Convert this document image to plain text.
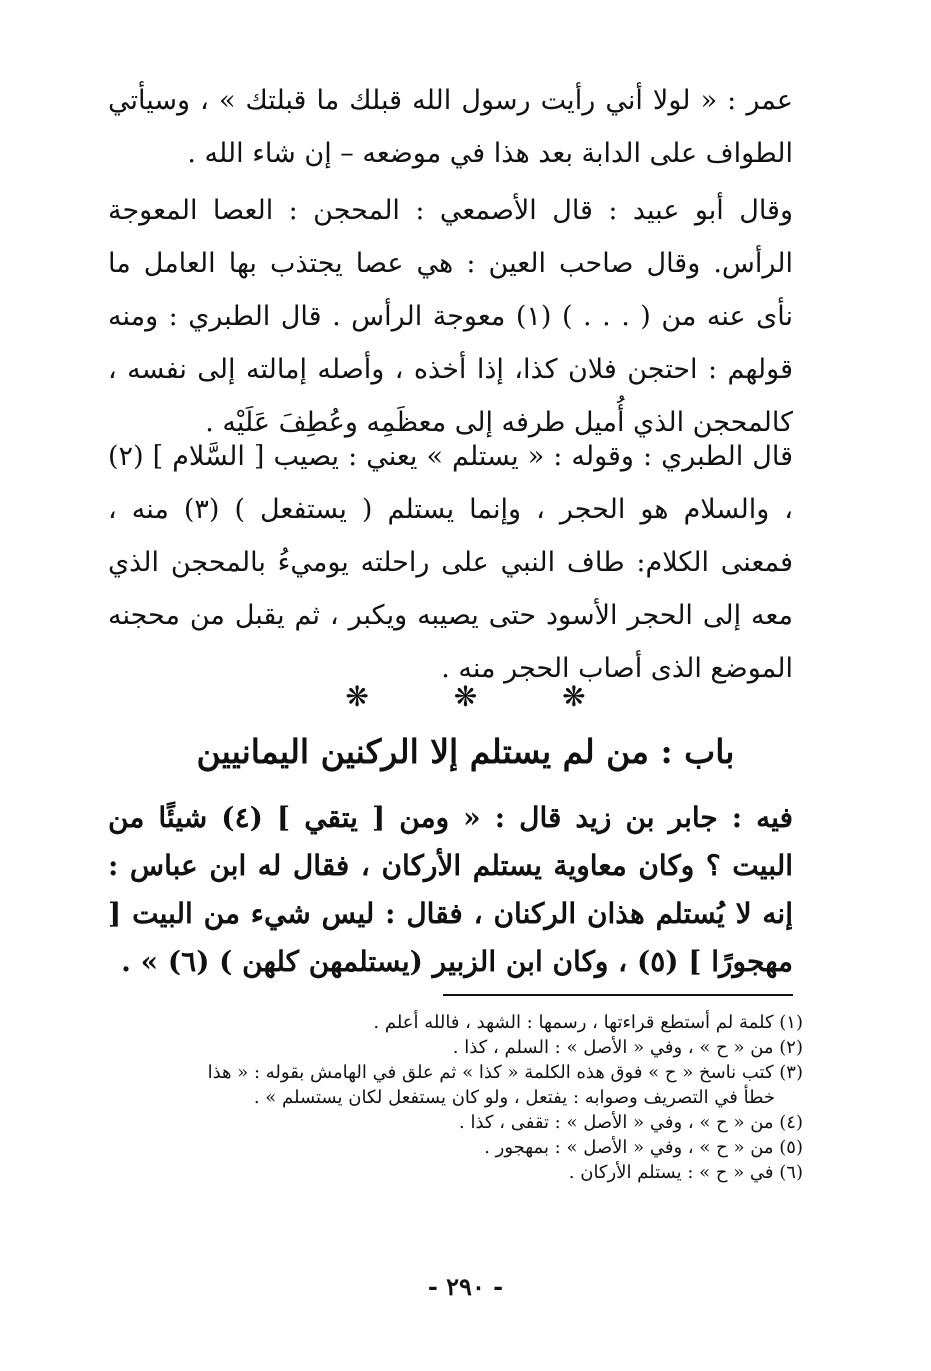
عمر : « لولا أني رأيت رسول الله قبلك ما قبلتك » ، وسيأتي الطواف على الدابة بعد هذا في موضعه – إن شاء الله .

وقال أبو عبيد : قال الأصمعي : المحجن : العصا المعوجة الرأس. وقال صاحب العين : هي عصا يجتذب بها العامل ما نأى عنه من ( . . . ) (١) معوجة الرأس . قال الطبري : ومنه قولهم : احتجن فلان كذا، إذا أخذه ، وأصله إمالته إلى نفسه ، كالمحجن الذي أُميل طرفه إلى معظَمِه وعُطِفَ عَلَيْه .

قال الطبري : وقوله : « يستلم » يعني : يصيب [ السَّلام ] (٢) ، والسلام هو الحجر ، وإنما يستلم ( يستفعل ) (٣) منه ، فمعنى الكلام: طاف النبي على راحلته يوميءُ بالمحجن الذي معه إلى الحجر الأسود حتى يصيبه ويكبر ، ثم يقبل من محجنه الموضع الذى أصاب الحجر منه .

❋	❋	❋
باب : من لم يستلم إلا الركنين اليمانيين

فيه : جابر بن زيد قال : « ومن [ يتقي ] (٤) شيئًا من البيت ؟ وكان معاوية يستلم الأركان ، فقال له ابن عباس : إنه لا يُستلم هذان الركنان ، فقال : ليس شيء من البيت [ مهجورًا ] (٥) ، وكان ابن الزبير (يستلمهن كلهن ) (٦) » .

(١) كلمة لم أستطع قراءتها ، رسمها : الشهد ، فالله أعلم .
(٢) من « ح » ، وفي « الأصل » : السلم ، كذا .
(٣) كتب ناسخ « ح » فوق هذه الكلمة « كذا » ثم علق في الهامش بقوله : « هذا
خطأ في التصريف وصوابه : يفتعل ، ولو كان يستفعل لكان يستسلم » .
(٤) من « ح » ، وفي « الأصل » : تقفى ، كذا .
(٥) من « ح » ، وفي « الأصل » : بمهجور .
(٦) في « ح » : يستلم الأركان .
- ٢٩٠ -
